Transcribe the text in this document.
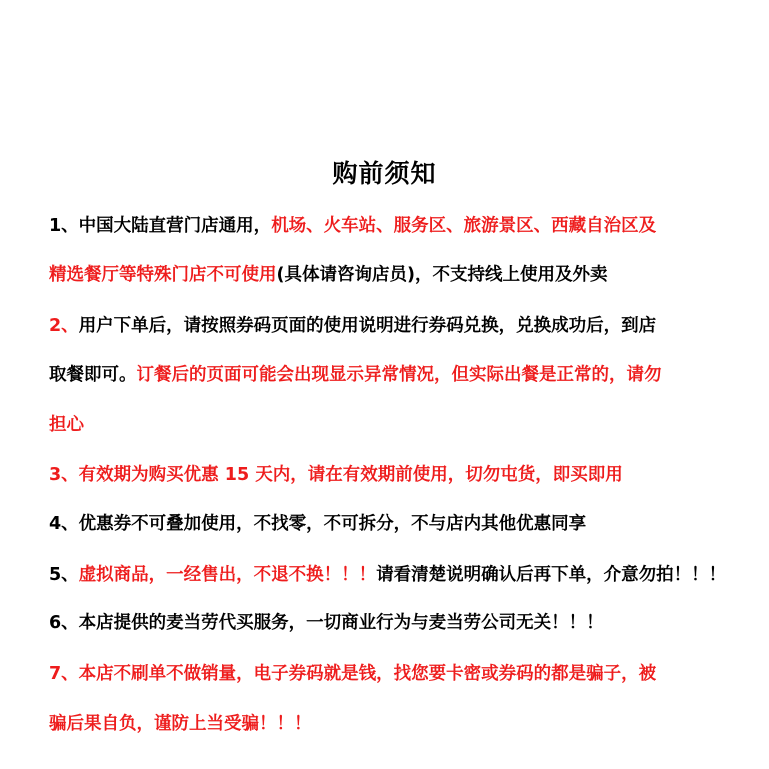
购前须知
1、中国大陆直营门店通用，机场、火车站、服务区、旅游景区、西藏自治区及
精选餐厅等特殊门店不可使用(具体请咨询店员)，不支持线上使用及外卖
2、用户下单后，请按照券码页面的使用说明进行券码兑换，兑换成功后，到店
取餐即可。订餐后的页面可能会出现显示异常情况，但实际出餐是正常的，请勿
担心
3、有效期为购买优惠 15 天内，请在有效期前使用，切勿屯货，即买即用
4、优惠券不可叠加使用，不找零，不可拆分，不与店内其他优惠同享
5、虚拟商品，一经售出，不退不换！！！请看清楚说明确认后再下单，介意勿拍！！！
6、本店提供的麦当劳代买服务，一切商业行为与麦当劳公司无关！！！
7、本店不刷单不做销量，电子券码就是钱，找您要卡密或券码的都是骗子，被
骗后果自负，谨防上当受骗！！！
